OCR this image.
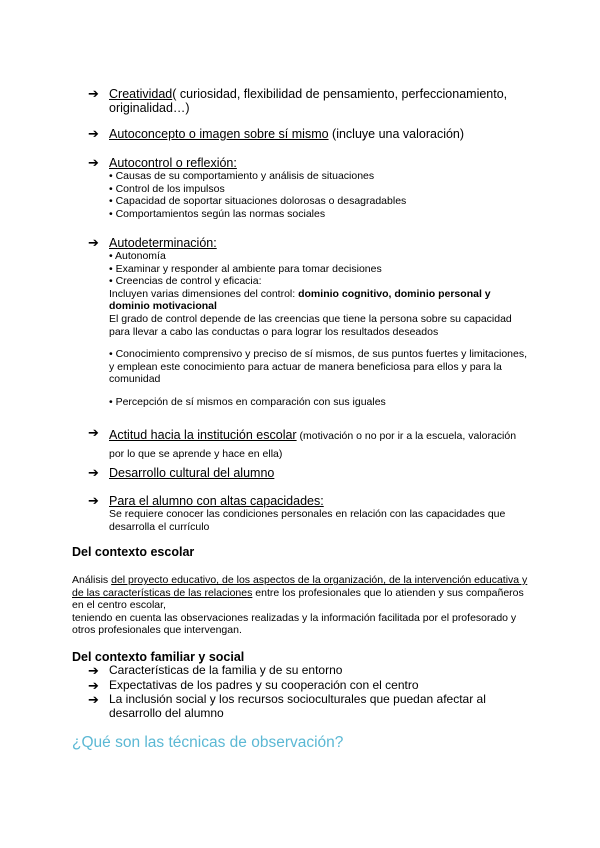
➔ Creatividad( curiosidad, flexibilidad de pensamiento, perfeccionamiento, originalidad…)
➔ Autoconcepto o imagen sobre sí mismo (incluye una valoración)
➔ Autocontrol o reflexión:
• Causas de su comportamiento y análisis de situaciones
• Control de los impulsos
• Capacidad de soportar situaciones dolorosas o desagradables
• Comportamientos según las normas sociales
➔ Autodeterminación:
• Autonomía
• Examinar y responder al ambiente para tomar decisiones
• Creencias de control y eficacia:
Incluyen varias dimensiones del control: dominio cognitivo, dominio personal y dominio motivacional
El grado de control depende de las creencias que tiene la persona sobre su capacidad para llevar a cabo las conductas o para lograr los resultados deseados
• Conocimiento comprensivo y preciso de sí mismos, de sus puntos fuertes y limitaciones, y emplean este conocimiento para actuar de manera beneficiosa para ellos y para la comunidad
• Percepción de sí mismos en comparación con sus iguales
➔ Actitud hacia la institución escolar (motivación o no por ir a la escuela, valoración por lo que se aprende y hace en ella)
➔ Desarrollo cultural del alumno
➔ Para el alumno con altas capacidades:
Se requiere conocer las condiciones personales en relación con las capacidades que desarrolla el currículo
Del contexto escolar
Análisis del proyecto educativo, de los aspectos de la organización, de la intervención educativa y de las características de las relaciones entre los profesionales que lo atienden y sus compañeros en el centro escolar,
teniendo en cuenta las observaciones realizadas y la información facilitada por el profesorado y otros profesionales que intervengan.
Del contexto familiar y social
➔ Características de la familia y de su entorno
➔ Expectativas de los padres y su cooperación con el centro
➔ La inclusión social y los recursos socioculturales que puedan afectar al desarrollo del alumno
¿Qué son las técnicas de observación?
